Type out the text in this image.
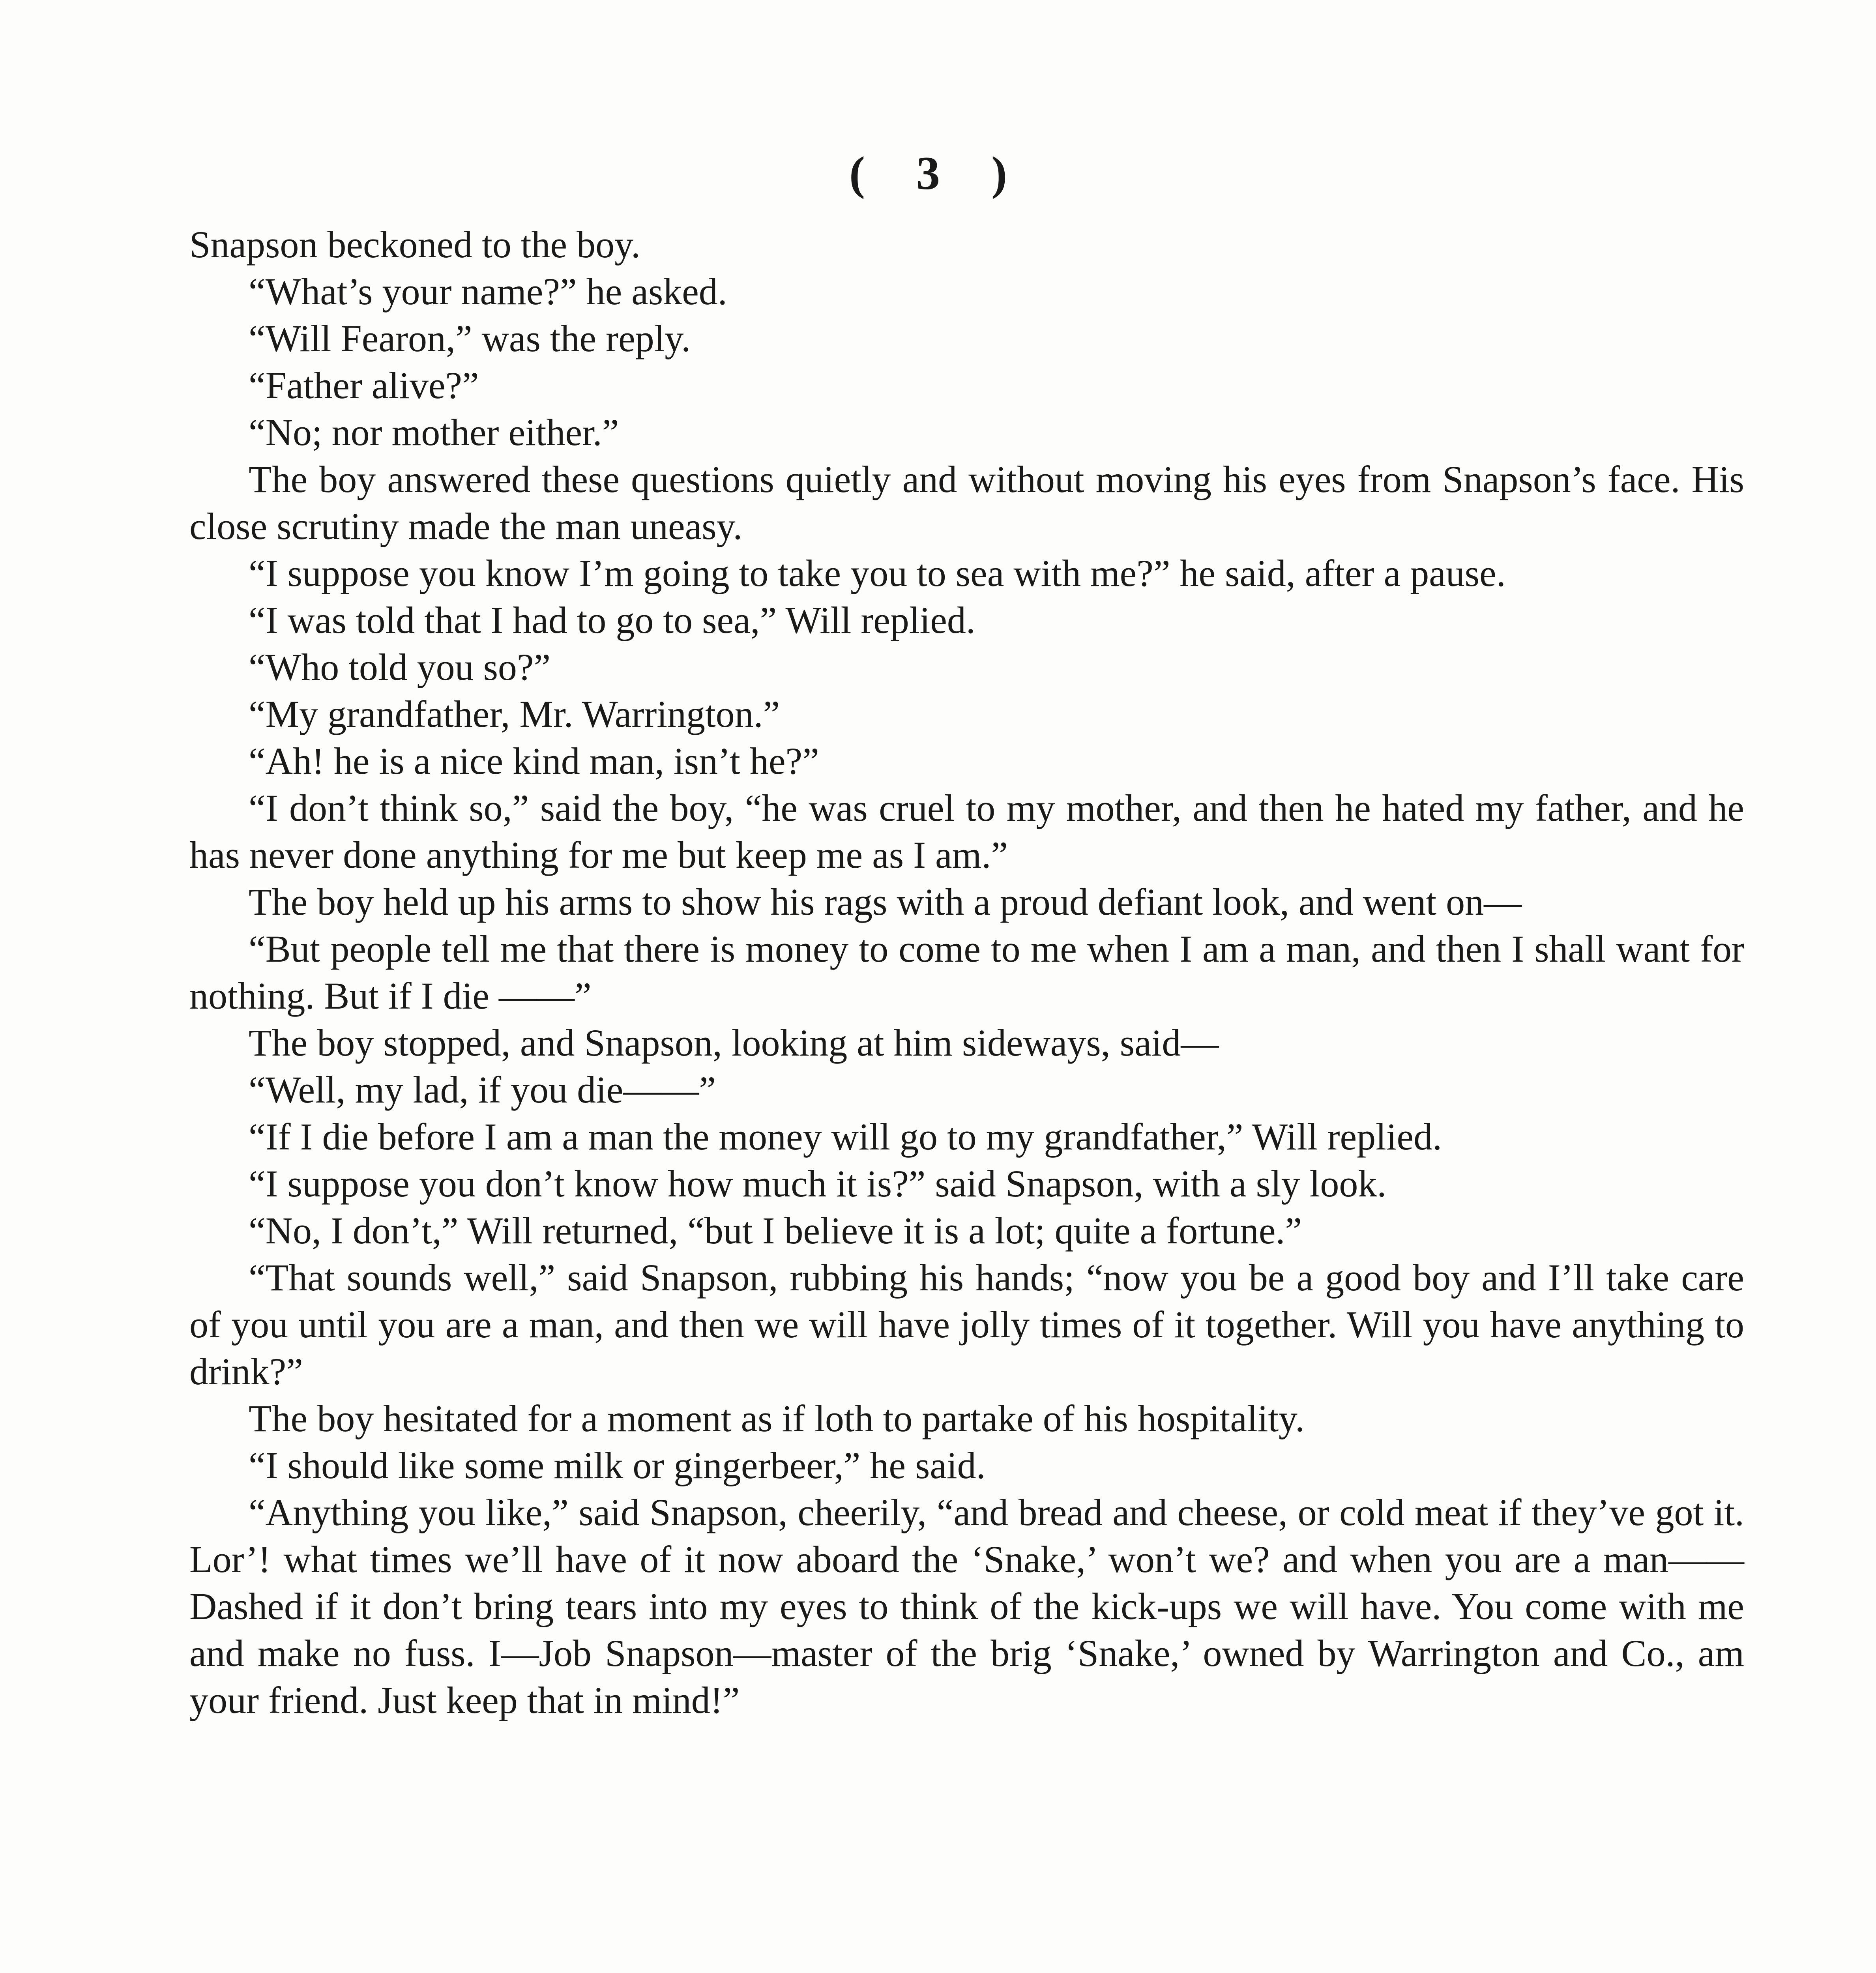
( 3 )

Snapson beckoned to the boy.

“What’s your name?” he asked.

“Will Fearon,” was the reply.

“Father alive?”

“No; nor mother either.”

The boy answered these questions quietly and without moving his eyes from Snapson’s face. His close scrutiny made the man uneasy.

“I suppose you know I’m going to take you to sea with me?” he said, after a pause.

“I was told that I had to go to sea,” Will replied.

“Who told you so?”

“My grandfather, Mr. Warrington.”

“Ah! he is a nice kind man, isn’t he?”

“I don’t think so,” said the boy, “he was cruel to my mother, and then he hated my father, and he has never done anything for me but keep me as I am.”

The boy held up his arms to show his rags with a proud defiant look, and went on—

“But people tell me that there is money to come to me when I am a man, and then I shall want for nothing. But if I die ——”

The boy stopped, and Snapson, looking at him sideways, said—

“Well, my lad, if you die——”

“If I die before I am a man the money will go to my grandfather,” Will replied.

“I suppose you don’t know how much it is?” said Snapson, with a sly look.

“No, I don’t,” Will returned, “but I believe it is a lot; quite a fortune.”

“That sounds well,” said Snapson, rubbing his hands; “now you be a good boy and I’ll take care of you until you are a man, and then we will have jolly times of it together. Will you have anything to drink?”

The boy hesitated for a moment as if loth to partake of his hospitality.

“I should like some milk or gingerbeer,” he said.

“Anything you like,” said Snapson, cheerily, “and bread and cheese, or cold meat if they’ve got it. Lor’! what times we’ll have of it now aboard the ‘Snake,’ won’t we? and when you are a man——Dashed if it don’t bring tears into my eyes to think of the kick-ups we will have. You come with me and make no fuss. I—Job Snapson—master of the brig ‘Snake,’ owned by Warrington and Co., am your friend. Just keep that in mind!”
